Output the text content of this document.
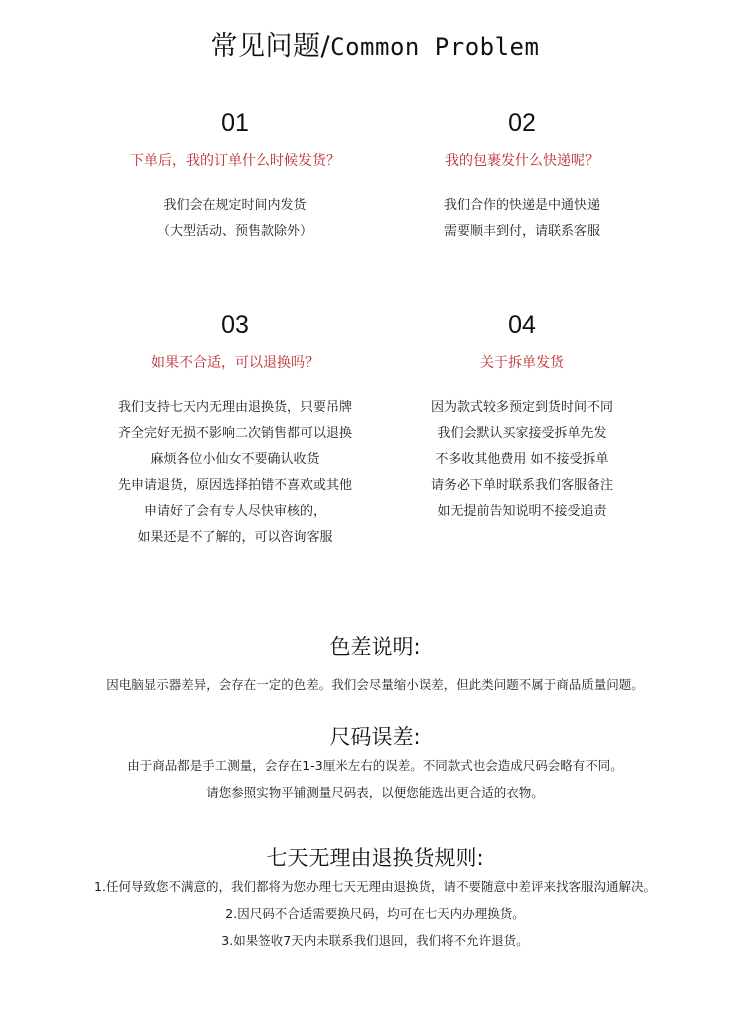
常见问题/Common Problem
01
下单后，我的订单什么时候发货？
我们会在规定时间内发货
（大型活动、预售款除外）
02
我的包裹发什么快递呢？
我们合作的快递是中通快递
需要顺丰到付，请联系客服
03
如果不合适，可以退换吗？
我们支持七天内无理由退换货，只要吊牌
齐全完好无损不影响二次销售都可以退换
麻烦各位小仙女不要确认收货
先申请退货，原因选择拍错不喜欢或其他
申请好了会有专人尽快审核的，
如果还是不了解的，可以咨询客服
04
关于拆单发货
因为款式较多预定到货时间不同
我们会默认买家接受拆单先发
不多收其他费用 如不接受拆单
请务必下单时联系我们客服备注
如无提前告知说明不接受追责
色差说明:
因电脑显示器差异，会存在一定的色差。我们会尽量缩小误差，但此类问题不属于商品质量问题。
尺码误差:
由于商品都是手工测量，会存在1-3厘米左右的误差。不同款式也会造成尺码会略有不同。
请您参照实物平铺测量尺码表，以便您能选出更合适的衣物。
七天无理由退换货规则:
1.任何导致您不满意的，我们都将为您办理七天无理由退换货，请不要随意中差评来找客服沟通解决。
2.因尺码不合适需要换尺码，均可在七天内办理换货。
3.如果签收7天内未联系我们退回，我们将不允许退货。
